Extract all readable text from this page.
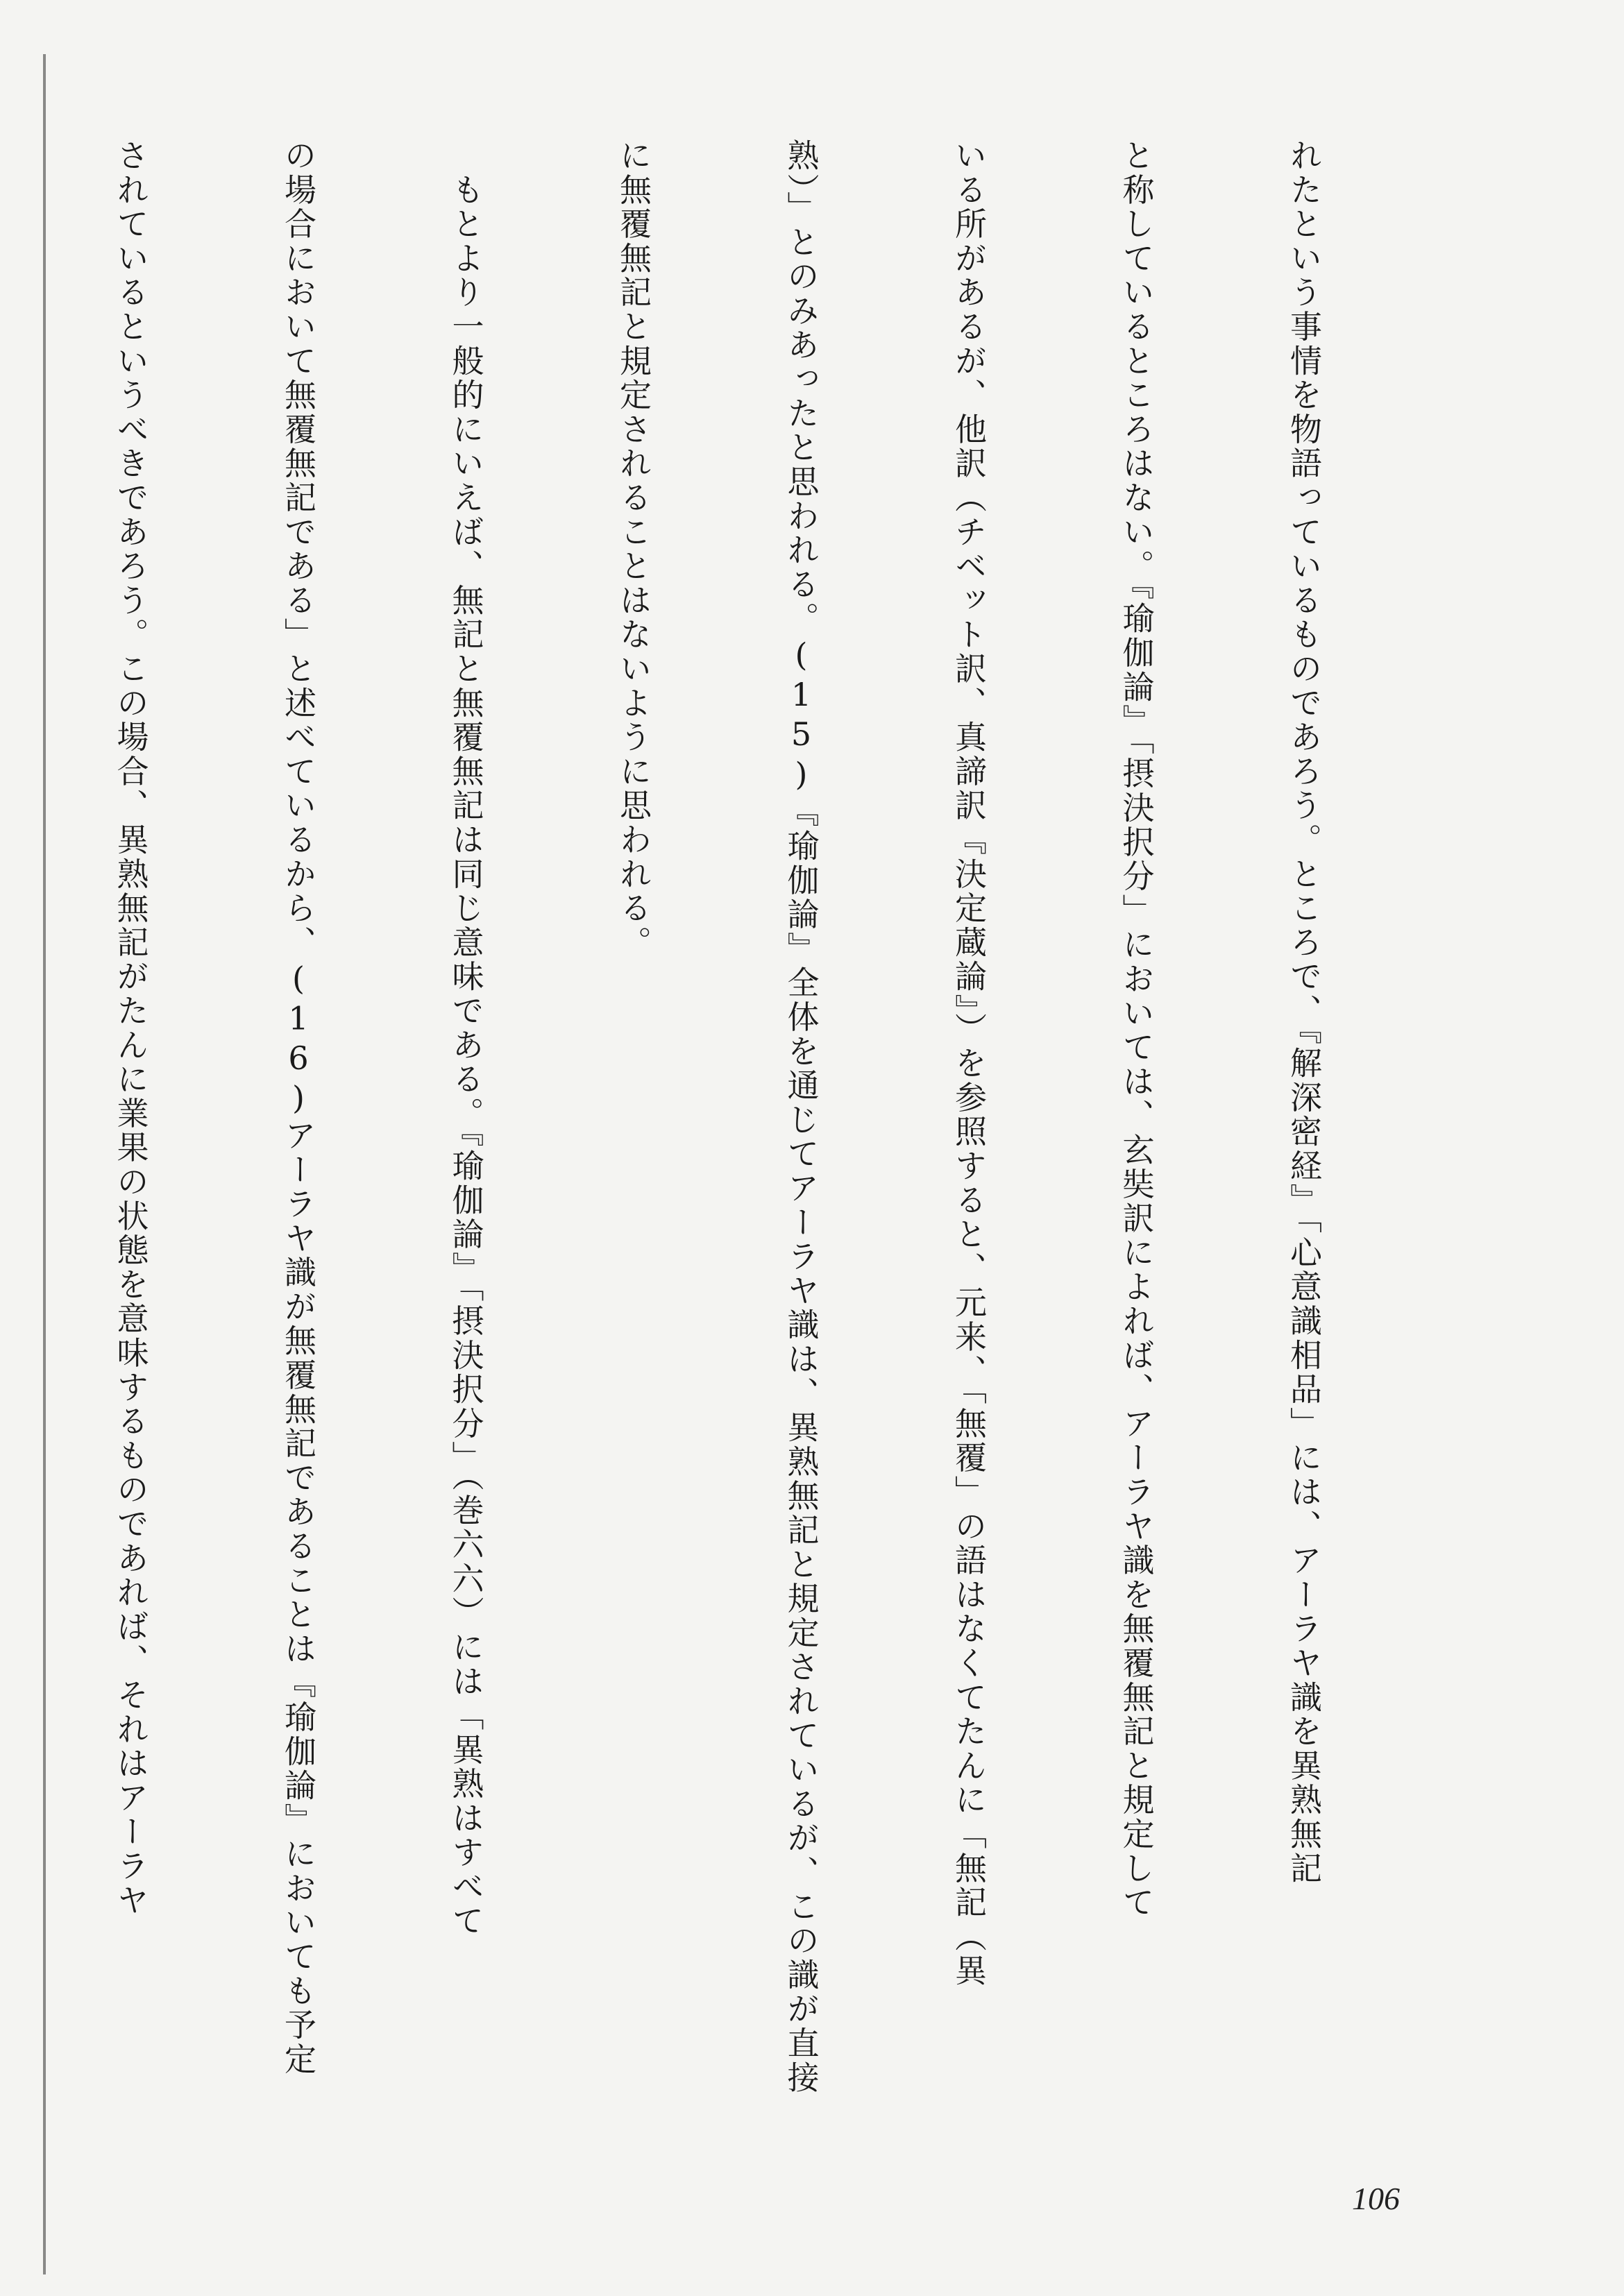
れたという事情を物語っているものであろう。ところで、『解深密経』「心意識相品」には、アーラヤ識を異熟無記

と称しているところはない。『瑜伽論』「摂決択分」においては、玄奘訳によれば、アーラヤ識を無覆無記と規定して

いる所があるが、他訳（チベット訳、真諦訳『決定蔵論』）を参照すると、元来、「無覆」の語はなくてたんに「無記（異

熟）」とのみあったと思われる。(15)『瑜伽論』全体を通じてアーラヤ識は、異熟無記と規定されているが、この識が直接

に無覆無記と規定されることはないように思われる。

　もとより一般的にいえば、無記と無覆無記は同じ意味である。『瑜伽論』「摂決択分」（巻六六）には「異熟はすべて

の場合において無覆無記である」と述べているから、(16)アーラヤ識が無覆無記であることは『瑜伽論』においても予定

されているというべきであろう。この場合、異熟無記がたんに業果の状態を意味するものであれば、それはアーラヤ

106
